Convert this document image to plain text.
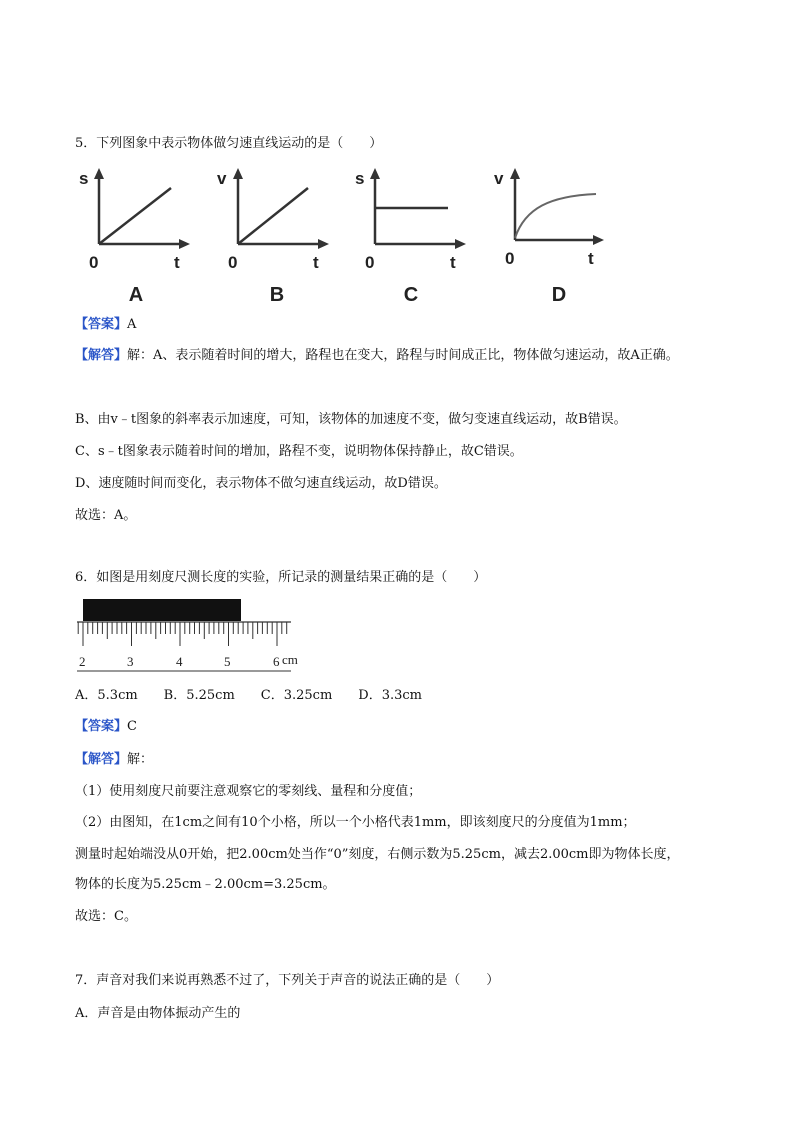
5．下列图象中表示物体做匀速直线运动的是（　　）
s
0	t
A
v
0	t
B
s
0	t
C
v
0	t
D
【答案】A
【解答】解：A、表示随着时间的增大，路程也在变大，路程与时间成正比，物体做匀速运动，故A正确。
B、由v﹣t图象的斜率表示加速度，可知，该物体的加速度不变，做匀变速直线运动，故B错误。
C、s﹣t图象表示随着时间的增加，路程不变，说明物体保持静止，故C错误。
D、速度随时间而变化，表示物体不做匀速直线运动，故D错误。
故选：A。
6．如图是用刻度尺测长度的实验，所记录的测量结果正确的是（　　）
2	3	4	5	6 cm
A．5.3cm　　B．5.25cm　　C．3.25cm　　D．3.3cm
【答案】C
【解答】解：
（1）使用刻度尺前要注意观察它的零刻线、量程和分度值；
（2）由图知，在1cm之间有10个小格，所以一个小格代表1mm，即该刻度尺的分度值为1mm；
测量时起始端没从0开始，把2.00cm处当作“0”刻度，右侧示数为5.25cm，减去2.00cm即为物体长度，
物体的长度为5.25cm﹣2.00cm=3.25cm。
故选：C。
7．声音对我们来说再熟悉不过了，下列关于声音的说法正确的是（　　）
A．声音是由物体振动产生的
